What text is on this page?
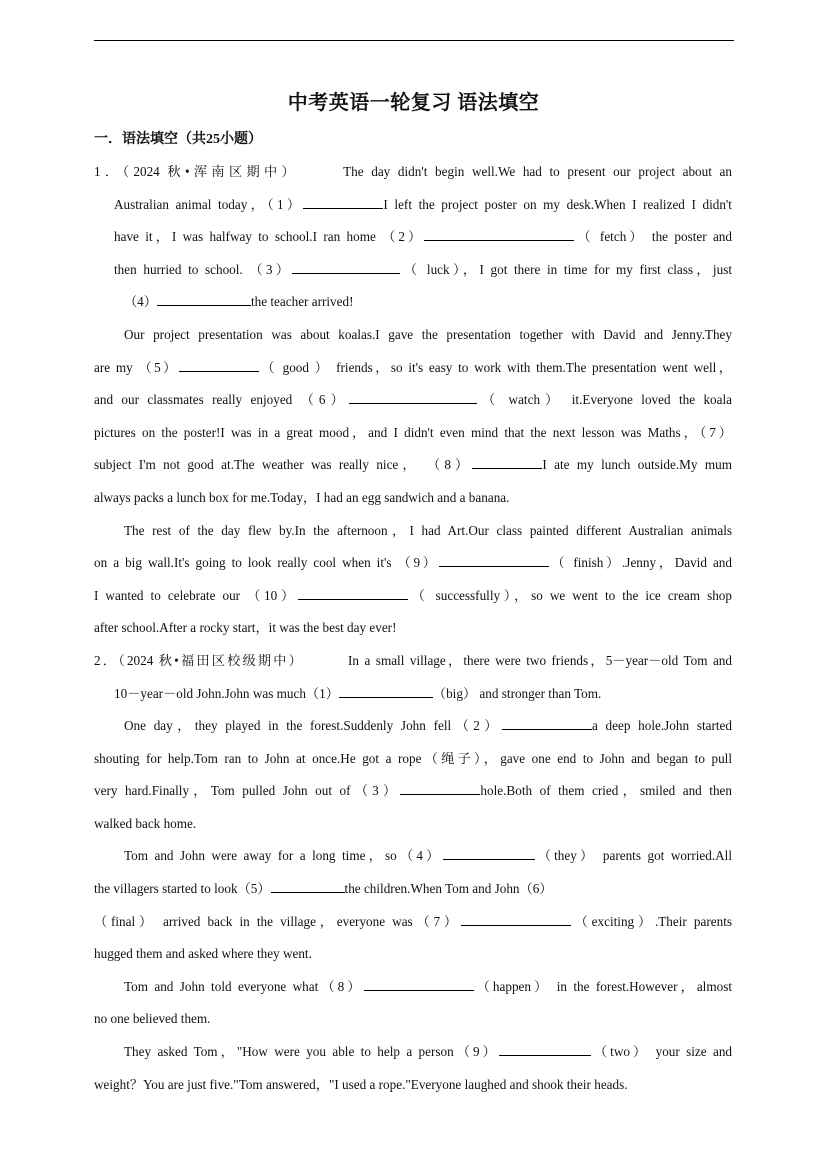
中考英语一轮复习 语法填空
一．语法填空（共25小题）
1．（2024 秋•浑南区期中）	The day didn't begin well.We had to present our project about an
Australian animal today，（1）	I left the project poster on my desk.When I realized I didn't
have it，I was halfway to school.I ran home （2）	（ fetch） the poster and
then hurried to school. （3）	（ luck），I got there in time for my first class，just
（4）	the teacher arrived!
Our project presentation was about koalas.I gave the presentation together with David and Jenny.They
are my （5）	（ good ） friends，so it's easy to work with them.The presentation went well，
and our classmates really enjoyed （6）	（ watch） it.Everyone loved the koala
pictures on the poster!I was in a great mood，and I didn't even mind that the next lesson was Maths，（7）
subject I'm not good at.The weather was really nice， （8）	I ate my lunch outside.My mum
always packs a lunch box for me.Today，I had an egg sandwich and a banana.
The rest of the day flew by.In the afternoon，I had Art.Our class painted different Australian animals
on a big wall.It's going to look really cool when it's （9）	（ finish）.Jenny，David and
I wanted to celebrate our （10）	（ successfully），so we went to the ice cream shop
after school.After a rocky start，it was the best day ever!
2．（2024 秋•福田区校级期中）	In a small village，there were two friends，5－year－old Tom and
10－year－old John.John was much（1）	（big） and stronger than Tom.
One day，they played in the forest.Suddenly John fell（2）	a deep hole.John started
shouting for help.Tom ran to John at once.He got a rope（绳子），gave one end to John and began to pull
very hard.Finally，Tom pulled John out of（3）	hole.Both of them cried，smiled and then
walked back home.
Tom and John were away for a long time，so（4）	（they） parents got worried.All
the villagers started to look（5）	the children.When Tom and John（6）
（final） arrived back in the village，everyone was（7）	（exciting）.Their parents
hugged them and asked where they went.
Tom and John told everyone what（8）	（happen） in the forest.However，almost
no one believed them.
They asked Tom，"How were you able to help a person（9）	（two） your size and
weight？You are just five."Tom answered，"I used a rope."Everyone laughed and shook their heads.
